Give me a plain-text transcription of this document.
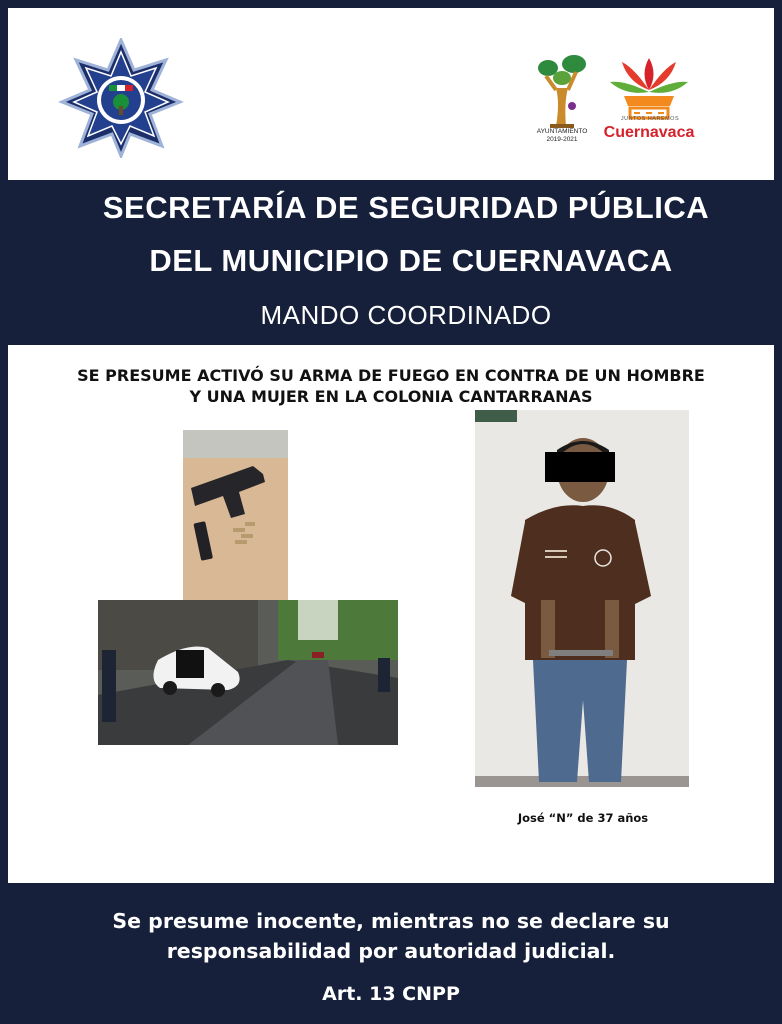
AYUNTAMIENTO
2019-2021
JUNTOS HAREMOS
Cuernavaca
SECRETARÍA DE SEGURIDAD PÚBLICA
DEL MUNICIPIO DE CUERNAVACA
MANDO COORDINADO
SE PRESUME ACTIVÓ SU ARMA DE FUEGO EN CONTRA DE UN HOMBRE
Y UNA MUJER EN LA COLONIA CANTARRANAS
José “N” de 37 años
Se presume inocente, mientras no se declare su
responsabilidad por autoridad judicial.
Art. 13 CNPP
